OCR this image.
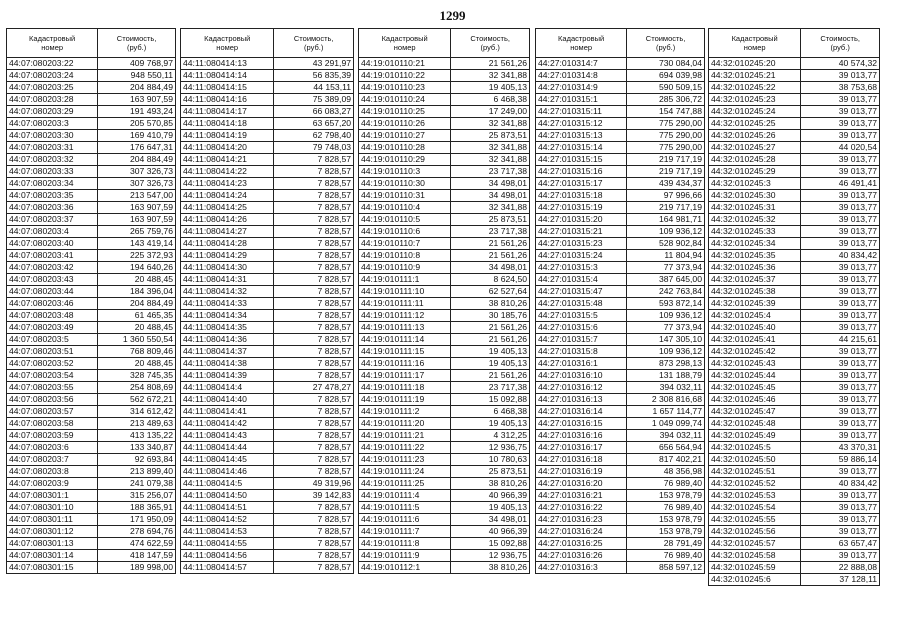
1299
Кадастровый
номер	Стоимость,
(руб.)

44:07:080203:22	409 768,97
44:07:080203:24	948 550,11
44:07:080203:25	204 884,49
44:07:080203:28	163 907,59
44:07:080203:29	191 493,24
44:07:080203:3	205 570,85
44:07:080203:30	169 410,79
44:07:080203:31	176 647,31
44:07:080203:32	204 884,49
44:07:080203:33	307 326,73
44:07:080203:34	307 326,73
44:07:080203:35	213 547,00
44:07:080203:36	163 907,59
44:07:080203:37	163 907,59
44:07:080203:4	265 759,76
44:07:080203:40	143 419,14
44:07:080203:41	225 372,93
44:07:080203:42	194 640,26
44:07:080203:43	20 488,45
44:07:080203:44	184 396,04
44:07:080203:46	204 884,49
44:07:080203:48	61 465,35
44:07:080203:49	20 488,45
44:07:080203:5	1 360 550,54
44:07:080203:51	768 809,46
44:07:080203:52	20 488,45
44:07:080203:54	328 745,35
44:07:080203:55	254 808,69
44:07:080203:56	562 672,21
44:07:080203:57	314 612,42
44:07:080203:58	213 489,63
44:07:080203:59	413 135,22
44:07:080203:6	133 340,87
44:07:080203:7	92 693,84
44:07:080203:8	213 899,40
44:07:080203:9	241 079,38
44:07:080301:1	315 256,07
44:07:080301:10	188 365,91
44:07:080301:11	171 950,09
44:07:080301:12	278 694,76
44:07:080301:13	474 622,59
44:07:080301:14	418 147,59
44:07:080301:15	189 998,00
Кадастровый
номер	Стоимость,
(руб.)

44:11:080414:13	43 291,97
44:11:080414:14	56 835,39
44:11:080414:15	44 153,11
44:11:080414:16	75 389,09
44:11:080414:17	66 083,27
44:11:080414:18	63 657,20
44:11:080414:19	62 798,40
44:11:080414:20	79 748,03
44:11:080414:21	7 828,57
44:11:080414:22	7 828,57
44:11:080414:23	7 828,57
44:11:080414:24	7 828,57
44:11:080414:25	7 828,57
44:11:080414:26	7 828,57
44:11:080414:27	7 828,57
44:11:080414:28	7 828,57
44:11:080414:29	7 828,57
44:11:080414:30	7 828,57
44:11:080414:31	7 828,57
44:11:080414:32	7 828,57
44:11:080414:33	7 828,57
44:11:080414:34	7 828,57
44:11:080414:35	7 828,57
44:11:080414:36	7 828,57
44:11:080414:37	7 828,57
44:11:080414:38	7 828,57
44:11:080414:39	7 828,57
44:11:080414:4	27 478,27
44:11:080414:40	7 828,57
44:11:080414:41	7 828,57
44:11:080414:42	7 828,57
44:11:080414:43	7 828,57
44:11:080414:44	7 828,57
44:11:080414:45	7 828,57
44:11:080414:46	7 828,57
44:11:080414:5	49 319,96
44:11:080414:50	39 142,83
44:11:080414:51	7 828,57
44:11:080414:52	7 828,57
44:11:080414:53	7 828,57
44:11:080414:55	7 828,57
44:11:080414:56	7 828,57
44:11:080414:57	7 828,57
Кадастровый
номер	Стоимость,
(руб.)

44:19:010110:21	21 561,26
44:19:010110:22	32 341,88
44:19:010110:23	19 405,13
44:19:010110:24	6 468,38
44:19:010110:25	17 249,00
44:19:010110:26	32 341,88
44:19:010110:27	25 873,51
44:19:010110:28	32 341,88
44:19:010110:29	32 341,88
44:19:010110:3	23 717,38
44:19:010110:30	34 498,01
44:19:010110:31	34 498,01
44:19:010110:4	32 341,88
44:19:010110:5	25 873,51
44:19:010110:6	23 717,38
44:19:010110:7	21 561,26
44:19:010110:8	21 561,26
44:19:010110:9	34 498,01
44:19:010111:1	8 624,50
44:19:010111:10	62 527,64
44:19:010111:11	38 810,26
44:19:010111:12	30 185,76
44:19:010111:13	21 561,26
44:19:010111:14	21 561,26
44:19:010111:15	19 405,13
44:19:010111:16	19 405,13
44:19:010111:17	21 561,26
44:19:010111:18	23 717,38
44:19:010111:19	15 092,88
44:19:010111:2	6 468,38
44:19:010111:20	19 405,13
44:19:010111:21	4 312,25
44:19:010111:22	12 936,75
44:19:010111:23	10 780,63
44:19:010111:24	25 873,51
44:19:010111:25	38 810,26
44:19:010111:4	40 966,39
44:19:010111:5	19 405,13
44:19:010111:6	34 498,01
44:19:010111:7	40 966,39
44:19:010111:8	15 092,88
44:19:010111:9	12 936,75
44:19:010112:1	38 810,26
Кадастровый
номер	Стоимость,
(руб.)

44:27:010314:7	730 084,04
44:27:010314:8	694 039,98
44:27:010314:9	590 509,15
44:27:010315:1	285 306,72
44:27:010315:11	154 747,88
44:27:010315:12	775 290,00
44:27:010315:13	775 290,00
44:27:010315:14	775 290,00
44:27:010315:15	219 717,19
44:27:010315:16	219 717,19
44:27:010315:17	439 434,37
44:27:010315:18	97 996,66
44:27:010315:19	219 717,19
44:27:010315:20	164 981,71
44:27:010315:21	109 936,12
44:27:010315:23	528 902,84
44:27:010315:24	11 804,94
44:27:010315:3	77 373,94
44:27:010315:4	387 645,00
44:27:010315:47	242 763,84
44:27:010315:48	593 872,14
44:27:010315:5	109 936,12
44:27:010315:6	77 373,94
44:27:010315:7	147 305,10
44:27:010315:8	109 936,12
44:27:010316:1	873 298,13
44:27:010316:10	131 188,79
44:27:010316:12	394 032,11
44:27:010316:13	2 308 816,68
44:27:010316:14	1 657 114,77
44:27:010316:15	1 049 099,74
44:27:010316:16	394 032,11
44:27:010316:17	656 564,94
44:27:010316:18	817 402,21
44:27:010316:19	48 356,98
44:27:010316:20	76 989,40
44:27:010316:21	153 978,79
44:27:010316:22	76 989,40
44:27:010316:23	153 978,79
44:27:010316:24	153 978,79
44:27:010316:25	28 791,49
44:27:010316:26	76 989,40
44:27:010316:3	858 597,12
Кадастровый
номер	Стоимость,
(руб.)

44:32:010245:20	40 574,32
44:32:010245:21	39 013,77
44:32:010245:22	38 753,68
44:32:010245:23	39 013,77
44:32:010245:24	39 013,77
44:32:010245:25	39 013,77
44:32:010245:26	39 013,77
44:32:010245:27	44 020,54
44:32:010245:28	39 013,77
44:32:010245:29	39 013,77
44:32:010245:3	46 491,41
44:32:010245:30	39 013,77
44:32:010245:31	39 013,77
44:32:010245:32	39 013,77
44:32:010245:33	39 013,77
44:32:010245:34	39 013,77
44:32:010245:35	40 834,42
44:32:010245:36	39 013,77
44:32:010245:37	39 013,77
44:32:010245:38	39 013,77
44:32:010245:39	39 013,77
44:32:010245:4	39 013,77
44:32:010245:40	39 013,77
44:32:010245:41	44 215,61
44:32:010245:42	39 013,77
44:32:010245:43	39 013,77
44:32:010245:44	39 013,77
44:32:010245:45	39 013,77
44:32:010245:46	39 013,77
44:32:010245:47	39 013,77
44:32:010245:48	39 013,77
44:32:010245:49	39 013,77
44:32:010245:5	43 370,31
44:32:010245:50	59 886,14
44:32:010245:51	39 013,77
44:32:010245:52	40 834,42
44:32:010245:53	39 013,77
44:32:010245:54	39 013,77
44:32:010245:55	39 013,77
44:32:010245:56	39 013,77
44:32:010245:57	63 657,47
44:32:010245:58	39 013,77
44:32:010245:59	22 888,08
44:32:010245:6	37 128,11
